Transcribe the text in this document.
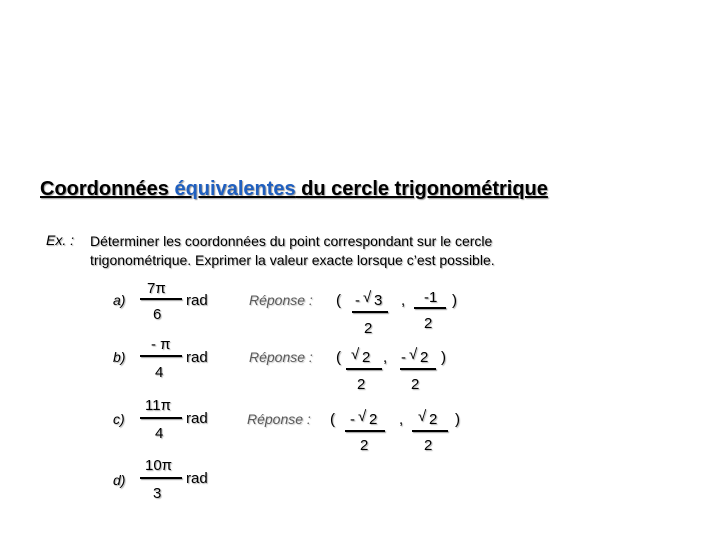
Coordonnées équivalentes du cercle trigonométrique
Ex. : Déterminer les coordonnées du point correspondant sur le cercle
trigonométrique. Exprimer la valeur exacte lorsque c’est possible.
a)
7π
6
rad
b)
- π
4
rad
c)
11π
4
rad
d)
10π
3
rad
Réponse : ( - √ 3
2
, -1
2
)
Réponse : ( √ 2
2
, - √ 2
2
)
Réponse : ( - √ 2
2
, √ 2
2
)
